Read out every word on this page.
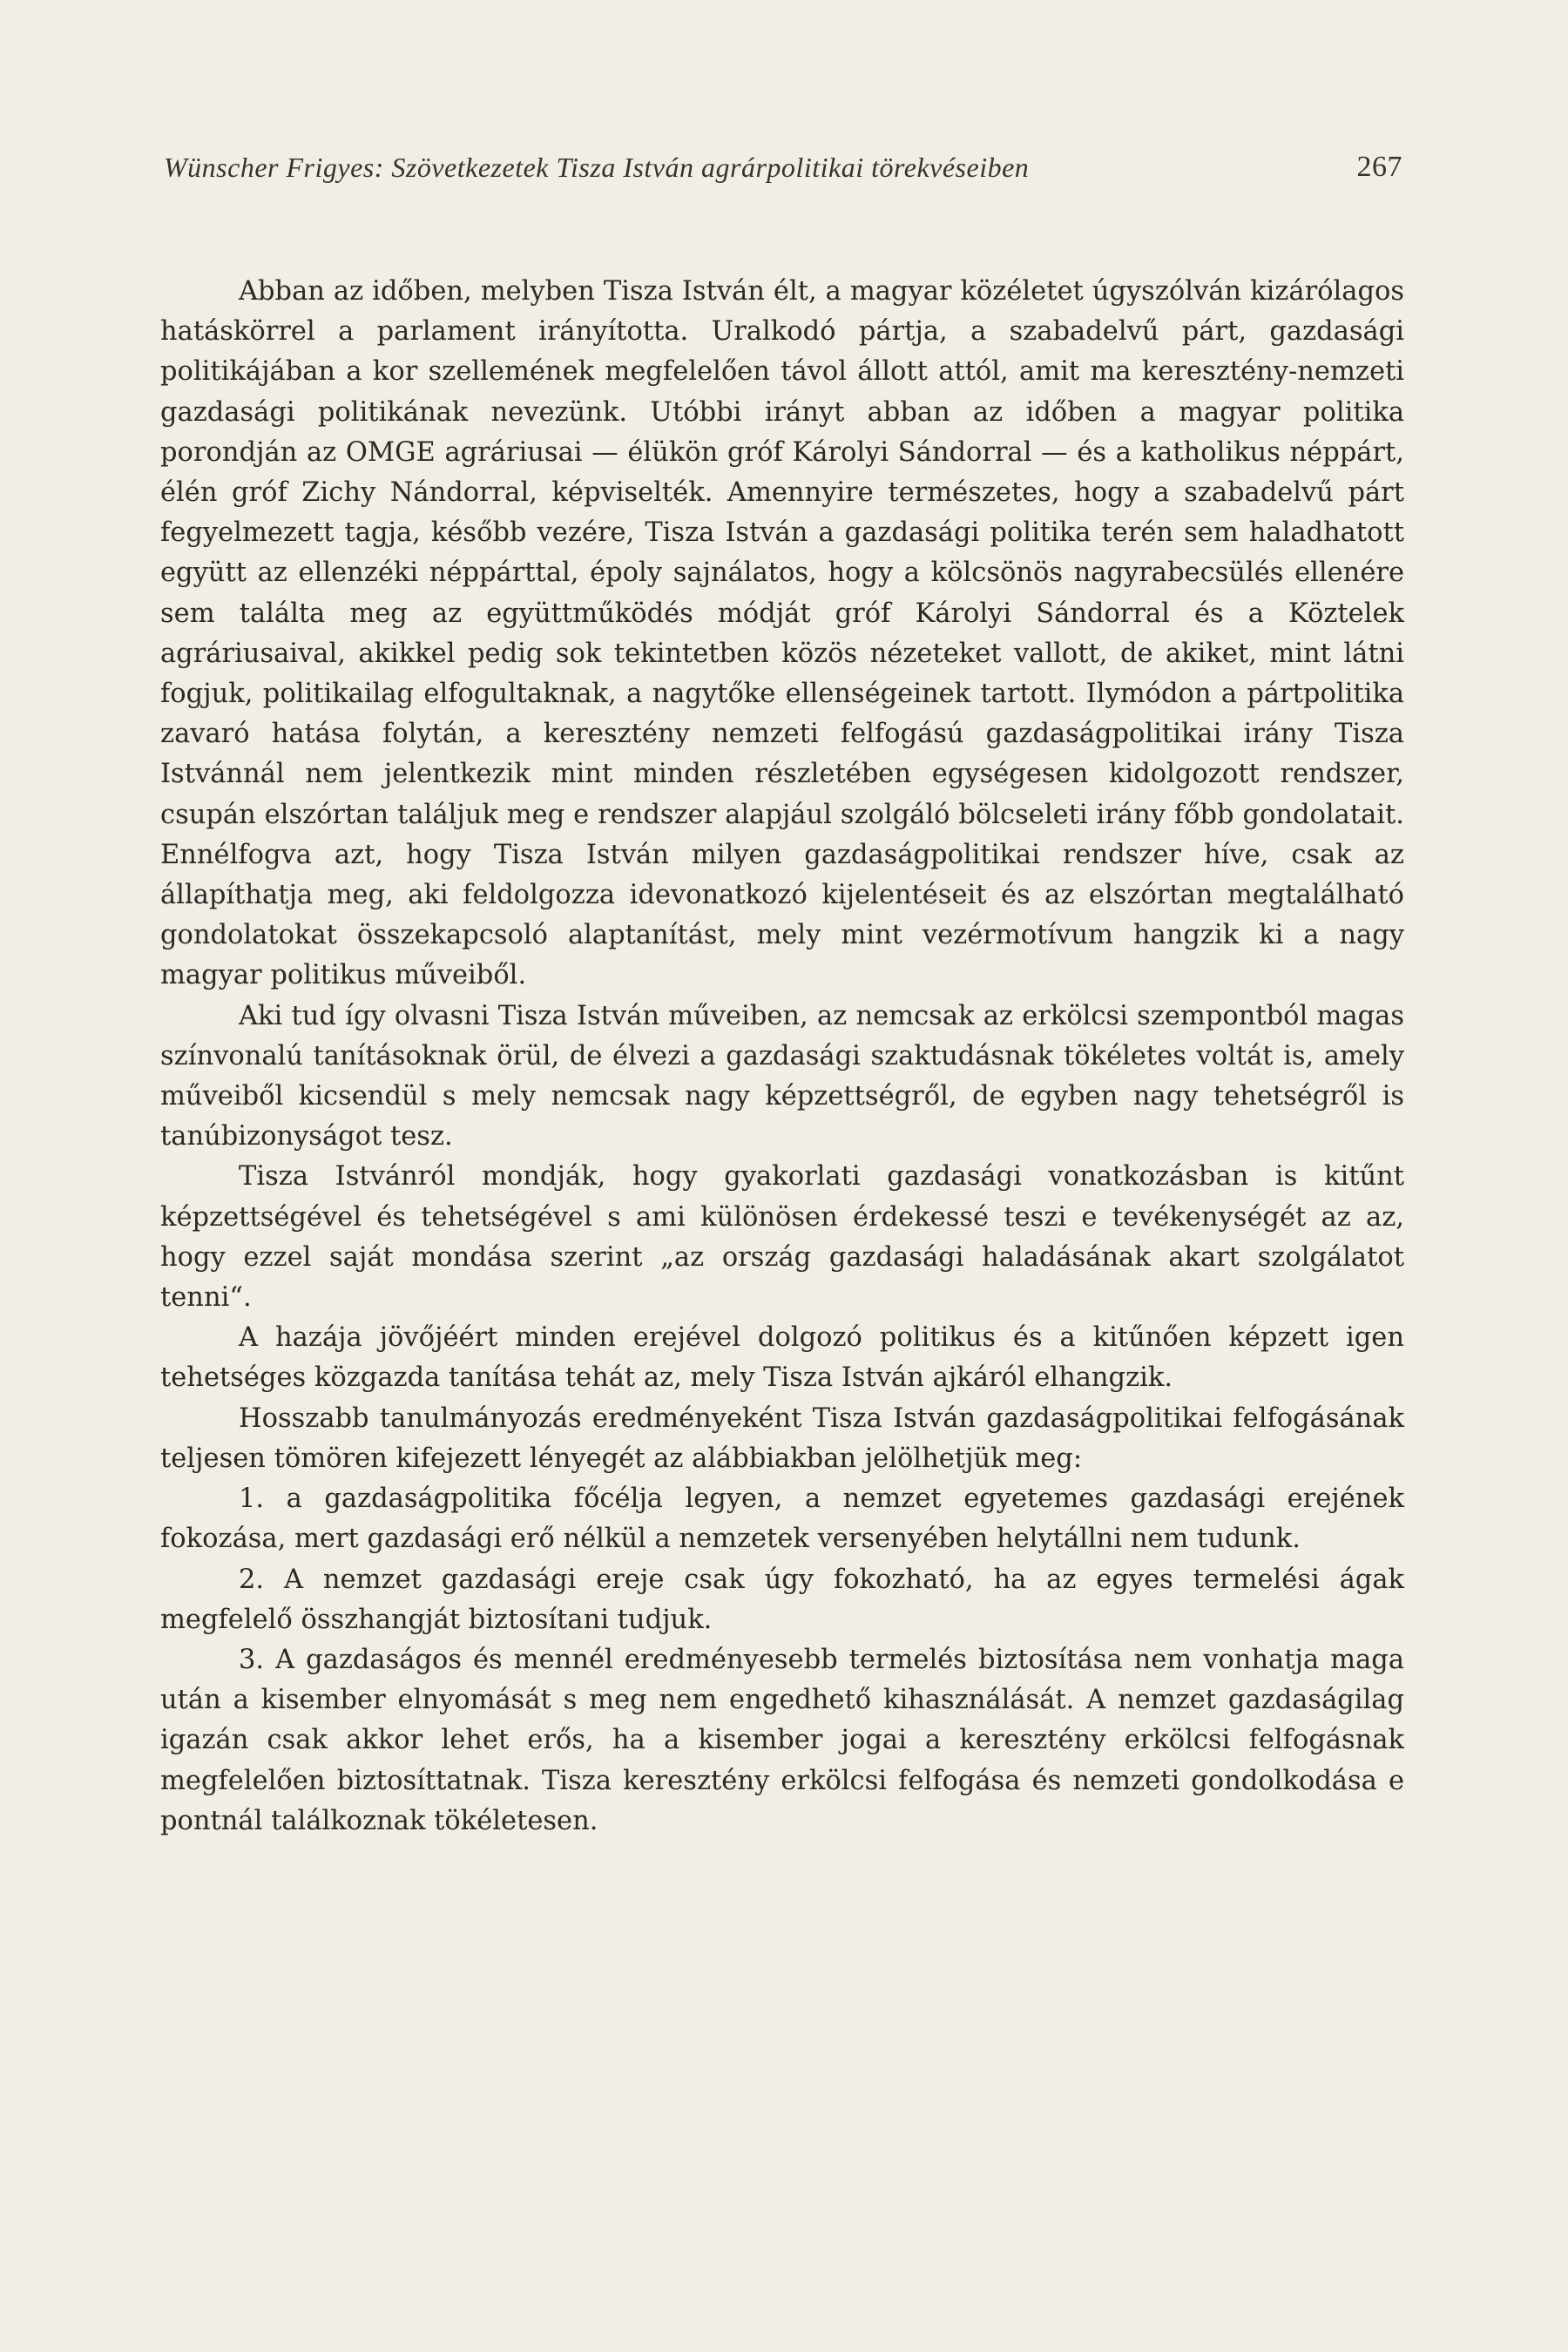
Wünscher Frigyes: Szövetkezetek Tisza István agrárpolitikai törekvéseiben	267

Abban az időben, melyben Tisza István élt, a magyar közéletet úgyszólván kizárólagos hatáskörrel a parlament irányította. Uralkodó pártja, a szabadelvű párt, gazdasági politikájában a kor szellemének megfelelően távol állott attól, amit ma keresztény-nemzeti gazdasági politikának nevezünk. Utóbbi irányt abban az időben a magyar politika porondján az OMGE agráriusai — élükön gróf Károlyi Sándorral — és a katholikus néppárt, élén gróf Zichy Nándorral, képviselték. Amennyire természetes, hogy a szabadelvű párt fegyelmezett tagja, később vezére, Tisza István a gazdasági politika terén sem haladhatott együtt az ellenzéki néppárttal, époly sajnálatos, hogy a kölcsönös nagyrabecsülés ellenére sem találta meg az együttműködés módját gróf Károlyi Sándorral és a Köztelek agráriusaival, akikkel pedig sok tekintetben közös nézeteket vallott, de akiket, mint látni fogjuk, politikailag elfogultaknak, a nagytőke ellenségeinek tartott. Ilymódon a pártpolitika zavaró hatása folytán, a keresztény nemzeti felfogású gazdaságpolitikai irány Tisza Istvánnál nem jelentkezik mint minden részletében egységesen kidolgozott rendszer, csupán elszórtan találjuk meg e rendszer alapjául szolgáló bölcseleti irány főbb gondolatait. Ennélfogva azt, hogy Tisza István milyen gazdaságpolitikai rendszer híve, csak az állapíthatja meg, aki feldolgozza idevonatkozó kijelentéseit és az elszórtan megtalálható gondolatokat összekapcsoló alaptanítást, mely mint vezérmotívum hangzik ki a nagy magyar politikus műveiből.

Aki tud így olvasni Tisza István műveiben, az nemcsak az erkölcsi szempontból magas színvonalú tanításoknak örül, de élvezi a gazdasági szaktudásnak tökéletes voltát is, amely műveiből kicsendül s mely nemcsak nagy képzettségről, de egyben nagy tehetségről is tanúbizonyságot tesz.

Tisza Istvánról mondják, hogy gyakorlati gazdasági vonatkozásban is kitűnt képzettségével és tehetségével s ami különösen érdekessé teszi e tevékenységét az az, hogy ezzel saját mondása szerint „az ország gazdasági haladásának akart szolgálatot tenni“.

A hazája jövőjéért minden erejével dolgozó politikus és a kitűnően képzett igen tehetséges közgazda tanítása tehát az, mely Tisza István ajkáról elhangzik.

Hosszabb tanulmányozás eredményeként Tisza István gazdaságpolitikai felfogásának teljesen tömören kifejezett lényegét az alábbiakban jelölhetjük meg:

1. a gazdaságpolitika főcélja legyen, a nemzet egyetemes gazdasági erejének fokozása, mert gazdasági erő nélkül a nemzetek versenyében helytállni nem tudunk.

2. A nemzet gazdasági ereje csak úgy fokozható, ha az egyes termelési ágak megfelelő összhangját biztosítani tudjuk.

3. A gazdaságos és mennél eredményesebb termelés biztosítása nem vonhatja maga után a kisember elnyomását s meg nem engedhető kihasználását. A nemzet gazdaságilag igazán csak akkor lehet erős, ha a kisember jogai a keresztény erkölcsi felfogásnak megfelelően biztosíttatnak. Tisza keresztény erkölcsi felfogása és nemzeti gondolkodása e pontnál találkoznak tökéletesen.
